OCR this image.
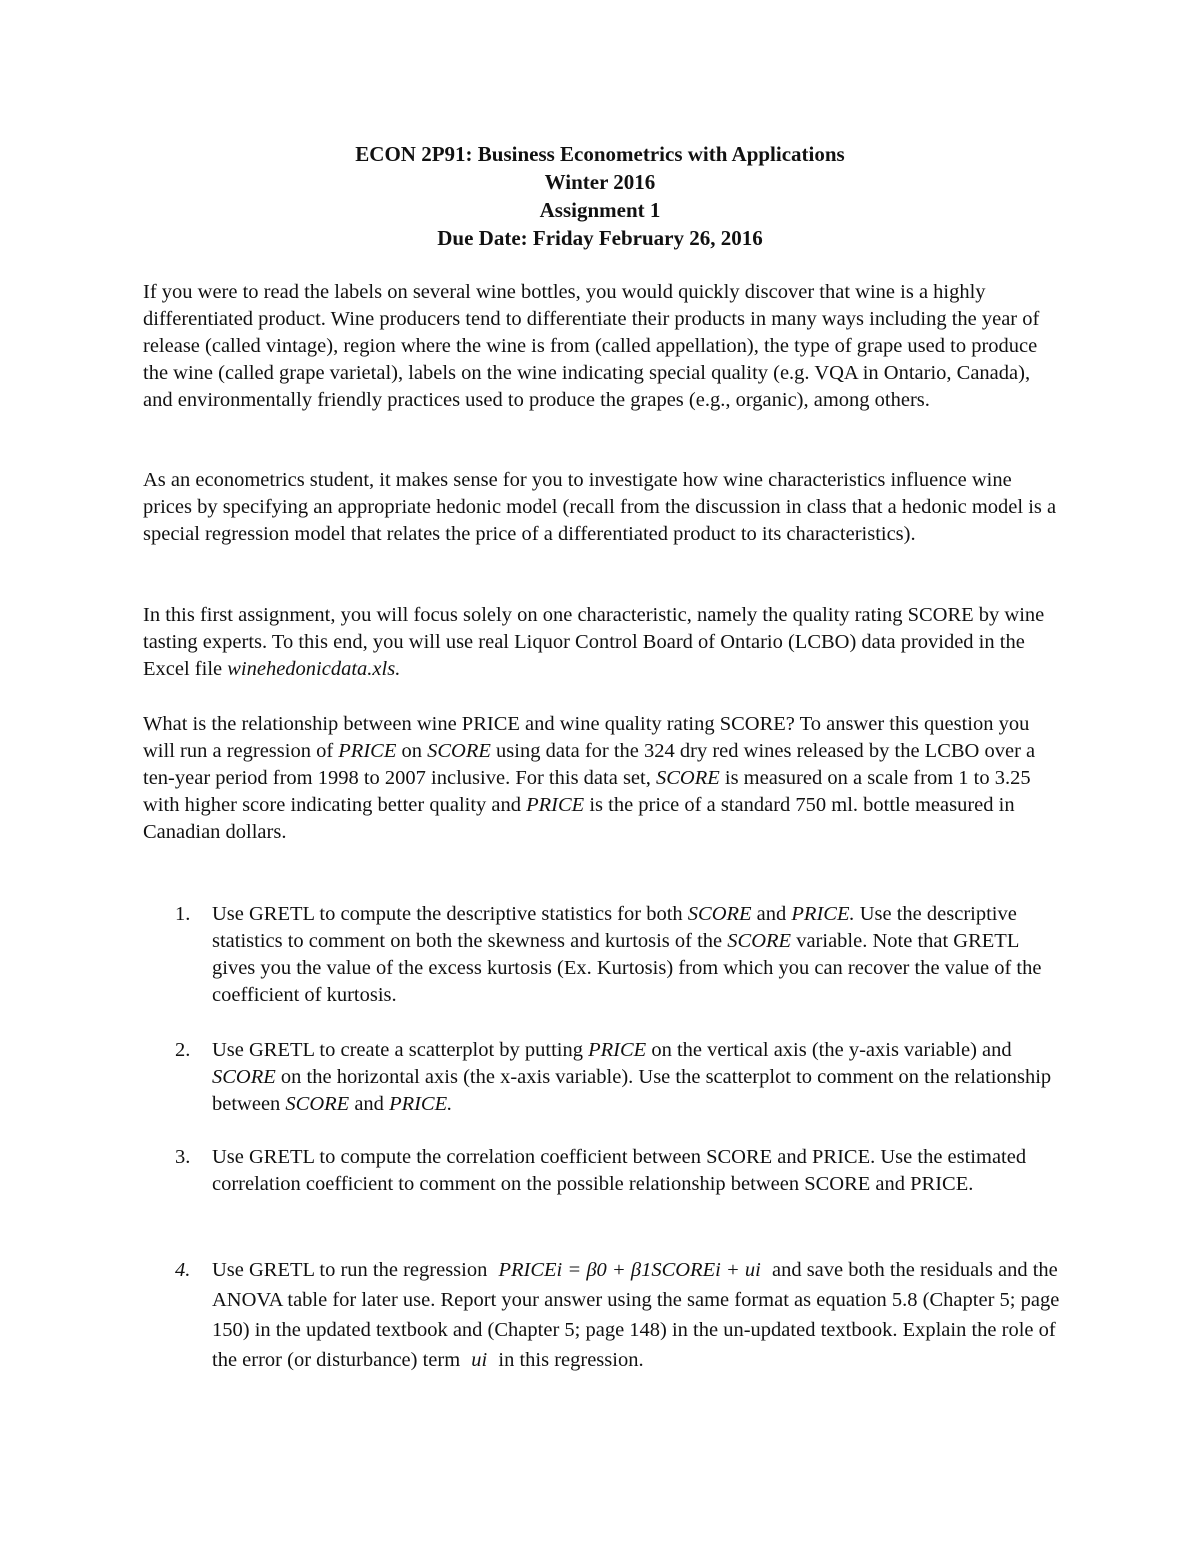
ECON 2P91: Business Econometrics with Applications
Winter 2016
Assignment 1
Due Date: Friday February 26, 2016

If you were to read the labels on several wine bottles, you would quickly discover that wine is a highly differentiated product. Wine producers tend to differentiate their products in many ways including the year of release (called vintage), region where the wine is from (called appellation), the type of grape used to produce the wine (called grape varietal), labels on the wine indicating special quality (e.g. VQA in Ontario, Canada), and environmentally friendly practices used to produce the grapes (e.g., organic), among others.

As an econometrics student, it makes sense for you to investigate how wine characteristics influence wine prices by specifying an appropriate hedonic model (recall from the discussion in class that a hedonic model is a special regression model that relates the price of a differentiated product to its characteristics).

In this first assignment, you will focus solely on one characteristic, namely the quality rating SCORE by wine tasting experts. To this end, you will use real Liquor Control Board of Ontario (LCBO) data provided in the Excel file winehedonicdata.xls.

What is the relationship between wine PRICE and wine quality rating SCORE? To answer this question you will run a regression of PRICE on SCORE using data for the 324 dry red wines released by the LCBO over a ten-year period from 1998 to 2007 inclusive. For this data set, SCORE is measured on a scale from 1 to 3.25 with higher score indicating better quality and PRICE is the price of a standard 750 ml. bottle measured in Canadian dollars.

1.	Use GRETL to compute the descriptive statistics for both SCORE and PRICE. Use the descriptive statistics to comment on both the skewness and kurtosis of the SCORE variable. Note that GRETL gives you the value of the excess kurtosis (Ex. Kurtosis) from which you can recover the value of the coefficient of kurtosis.
2.	Use GRETL to create a scatterplot by putting PRICE on the vertical axis (the y-axis variable) and SCORE on the horizontal axis (the x-axis variable). Use the scatterplot to comment on the relationship between SCORE and PRICE.
3.	Use GRETL to compute the correlation coefficient between SCORE and PRICE. Use the estimated correlation coefficient to comment on the possible relationship between SCORE and PRICE.
4.	Use GRETL to run the regression PRICEi = β0 + β1SCOREi + ui and save both the residuals and the ANOVA table for later use. Report your answer using the same format as equation 5.8 (Chapter 5; page 150) in the updated textbook and (Chapter 5; page 148) in the un-updated textbook. Explain the role of the error (or disturbance) term ui in this regression.
